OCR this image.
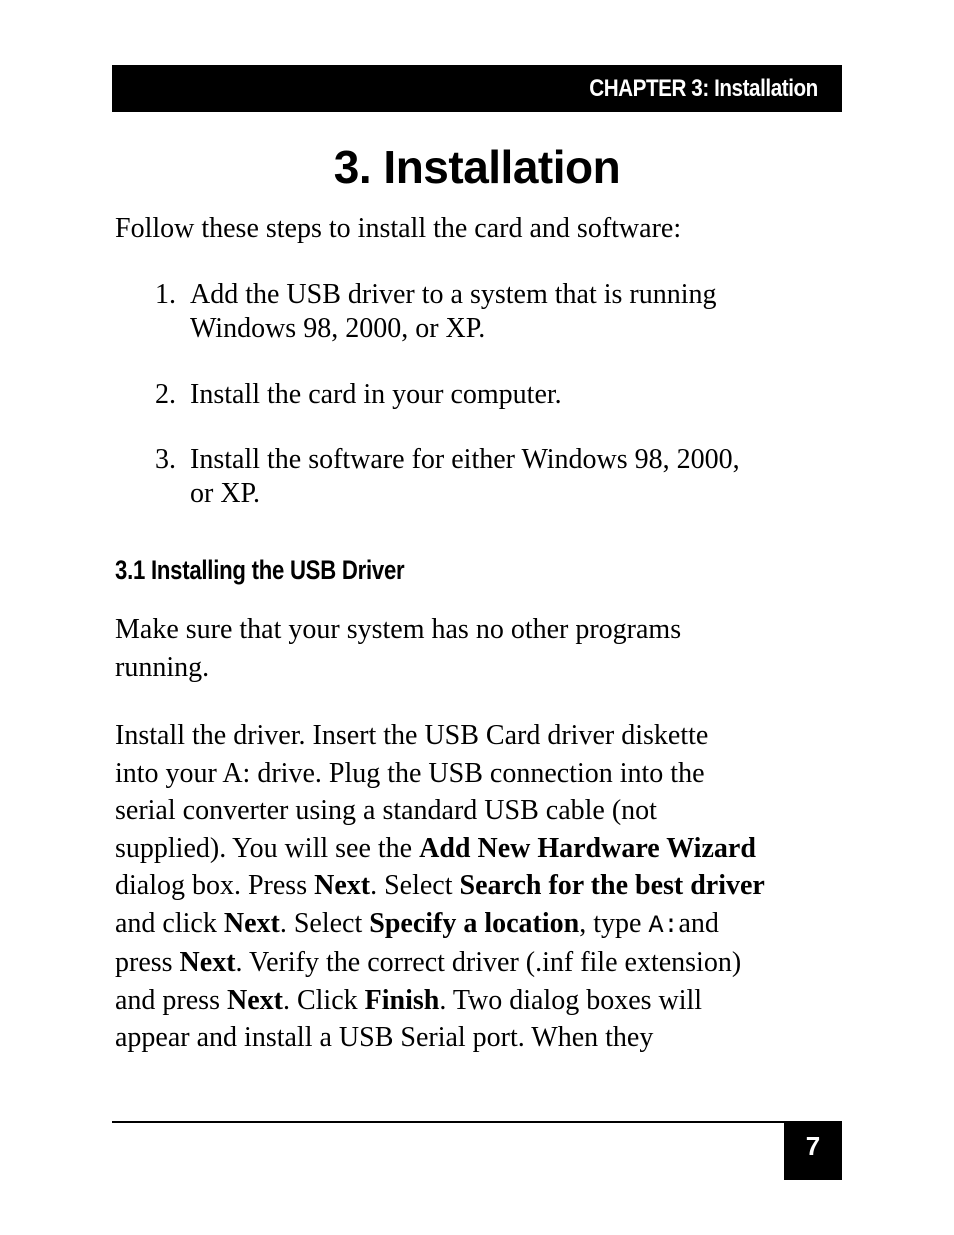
CHAPTER 3: Installation
3. Installation
Follow these steps to install the card and software:
1. Add the USB driver to a system that is running
Windows 98, 2000, or XP.
2. Install the card in your computer.
3. Install the software for either Windows 98, 2000,
or XP.
3.1 Installing the USB Driver
Make sure that your system has no other programs
running.
Install the driver. Insert the USB Card driver diskette
into your A: drive. Plug the USB connection into the
serial converter using a standard USB cable (not
supplied). You will see the Add New Hardware Wizard
dialog box. Press Next. Select Search for the best driver
and click Next. Select Specify a location, type A:and
press Next. Verify the correct driver (.inf file extension)
and press Next. Click Finish. Two dialog boxes will
appear and install a USB Serial port. When they
7
